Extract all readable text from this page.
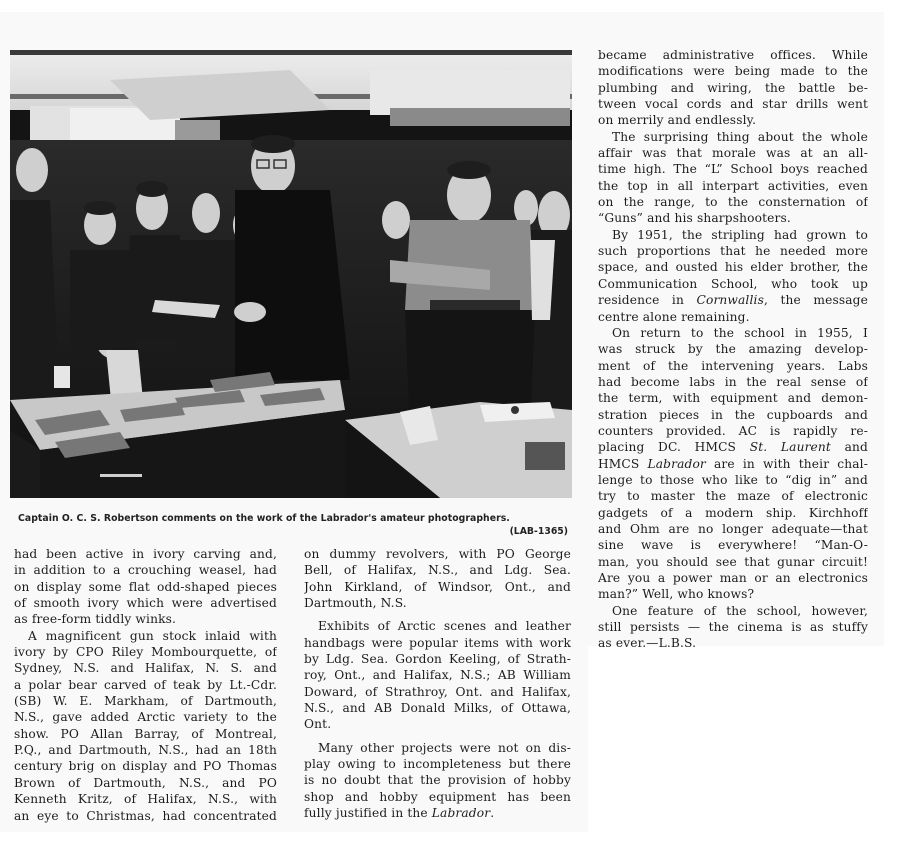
Captain O. C. S. Robertson comments on the work of the Labrador's amateur photographers.
(LAB-1365)
had been active in ivory carving and,
in addition to a crouching weasel, had
on display some flat odd-shaped pieces
of smooth ivory which were advertised
as free-form tiddly winks.
A magnificent gun stock inlaid with
ivory by CPO Riley Mombourquette, of
Sydney, N.S. and Halifax, N. S. and
a polar bear carved of teak by Lt.-Cdr.
(SB) W. E. Markham, of Dartmouth,
N.S., gave added Arctic variety to the
show. PO Allan Barray, of Montreal,
P.Q., and Dartmouth, N.S., had an 18th
century brig on display and PO Thomas
Brown of Dartmouth, N.S., and PO
Kenneth Kritz, of Halifax, N.S., with
an eye to Christmas, had concentrated
on dummy revolvers, with PO George
Bell, of Halifax, N.S., and Ldg. Sea.
John Kirkland, of Windsor, Ont., and
Dartmouth, N.S.
Exhibits of Arctic scenes and leather
handbags were popular items with work
by Ldg. Sea. Gordon Keeling, of Strath-
roy, Ont., and Halifax, N.S.; AB William
Doward, of Strathroy, Ont. and Halifax,
N.S., and AB Donald Milks, of Ottawa,
Ont.
Many other projects were not on dis-
play owing to incompleteness but there
is no doubt that the provision of hobby
shop and hobby equipment has been
fully justified in the Labrador.
became administrative offices. While
modifications were being made to the
plumbing and wiring, the battle be-
tween vocal cords and star drills went
on merrily and endlessly.
The surprising thing about the whole
affair was that morale was at an all-
time high. The “L” School boys reached
the top in all interpart activities, even
on the range, to the consternation of
“Guns” and his sharpshooters.
By 1951, the stripling had grown to
such proportions that he needed more
space, and ousted his elder brother, the
Communication School, who took up
residence in Cornwallis, the message
centre alone remaining.
On return to the school in 1955, I
was struck by the amazing develop-
ment of the intervening years. Labs
had become labs in the real sense of
the term, with equipment and demon-
stration pieces in the cupboards and
counters provided. AC is rapidly re-
placing DC. HMCS St. Laurent and
HMCS Labrador are in with their chal-
lenge to those who like to “dig in” and
try to master the maze of electronic
gadgets of a modern ship. Kirchhoff
and Ohm are no longer adequate—that
sine wave is everywhere! “Man-O-
man, you should see that gunar circuit!
Are you a power man or an electronics
man?” Well, who knows?
One feature of the school, however,
still persists — the cinema is as stuffy
as ever.—L.B.S.
